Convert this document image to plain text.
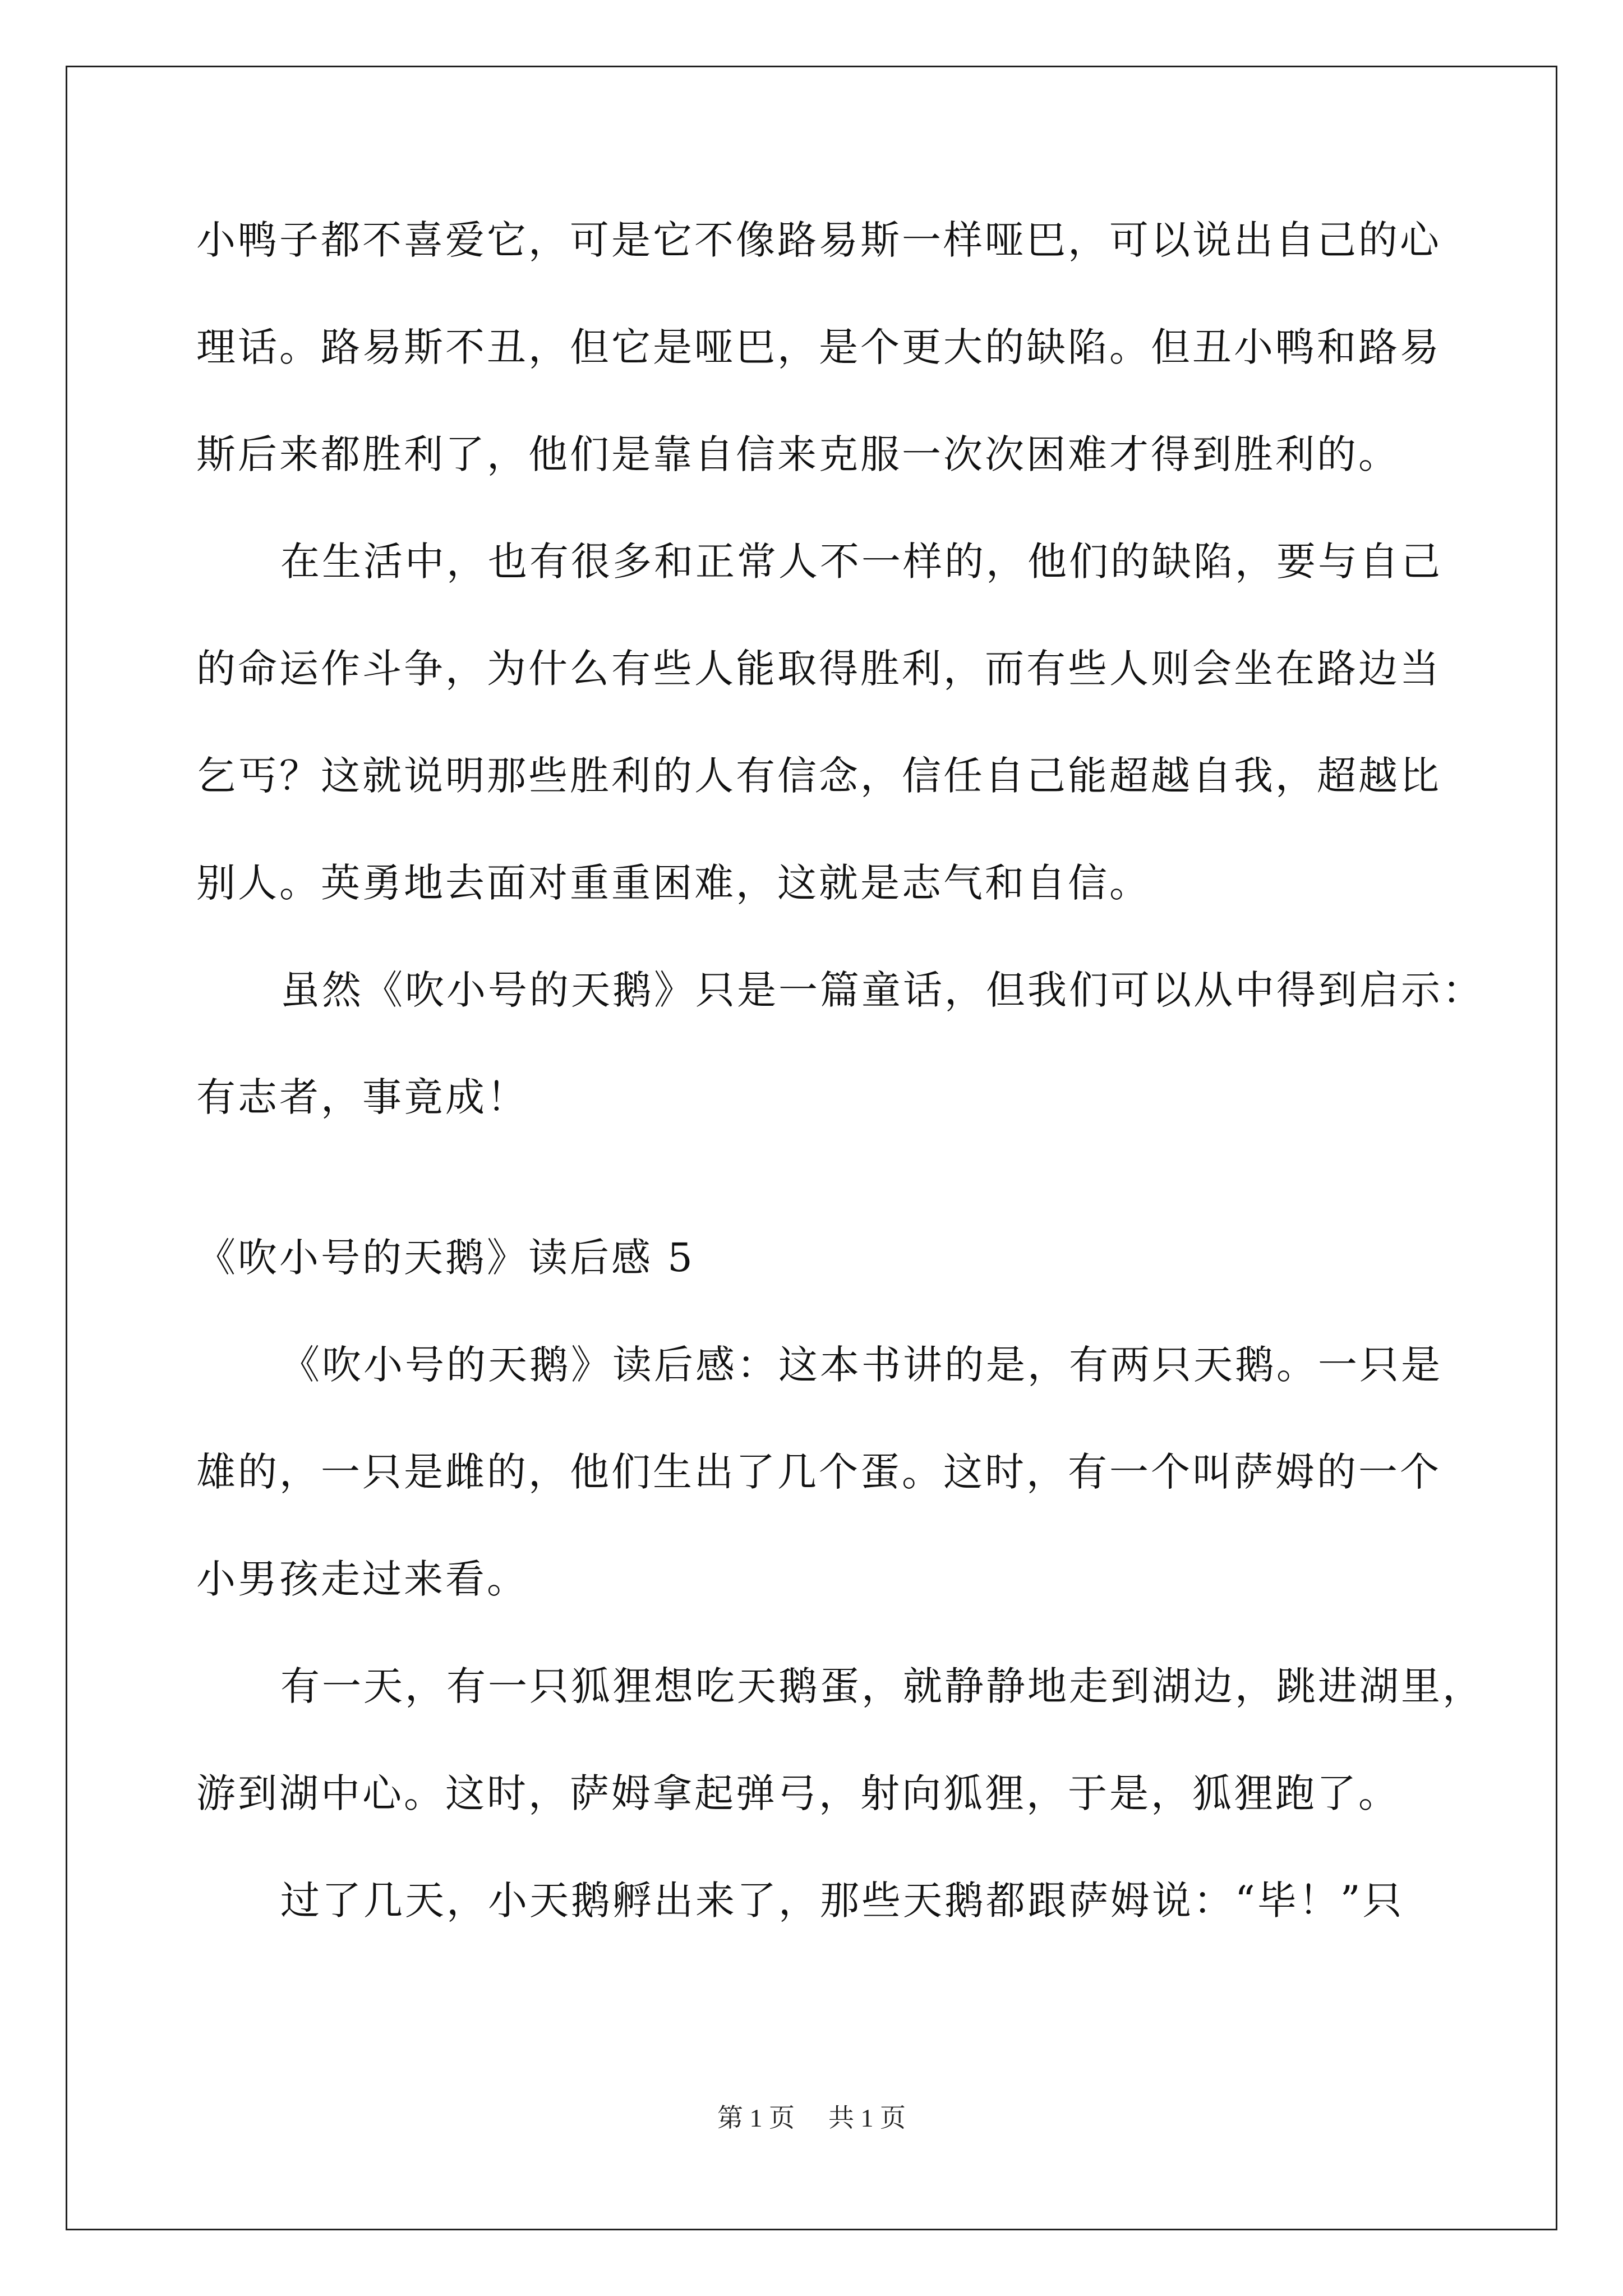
小鸭子都不喜爱它，可是它不像路易斯一样哑巴，可以说出自己的心
理话。路易斯不丑，但它是哑巴，是个更大的缺陷。但丑小鸭和路易
斯后来都胜利了，他们是靠自信来克服一次次困难才得到胜利的。
在生活中，也有很多和正常人不一样的，他们的缺陷，要与自己
的命运作斗争，为什么有些人能取得胜利，而有些人则会坐在路边当
乞丐？这就说明那些胜利的人有信念，信任自己能超越自我，超越比
别人。英勇地去面对重重困难，这就是志气和自信。
虽然《吹小号的天鹅》只是一篇童话，但我们可以从中得到启示：
有志者，事竟成！
《吹小号的天鹅》读后感 5
《吹小号的天鹅》读后感：这本书讲的是，有两只天鹅。一只是
雄的，一只是雌的，他们生出了几个蛋。这时，有一个叫萨姆的一个
小男孩走过来看。
有一天，有一只狐狸想吃天鹅蛋，就静静地走到湖边，跳进湖里，
游到湖中心。这时，萨姆拿起弹弓，射向狐狸，于是，狐狸跑了。
过了几天，小天鹅孵出来了，那些天鹅都跟萨姆说：“毕！”只
第 1 页 共 1 页
